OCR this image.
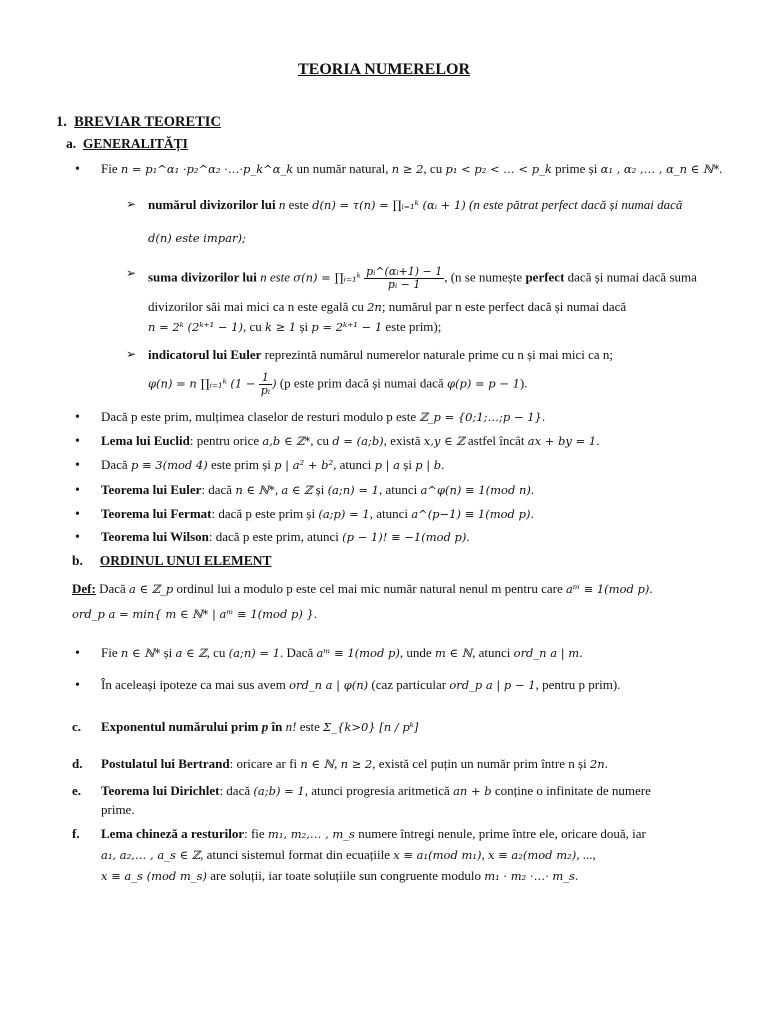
TEORIA NUMERELOR
1. BREVIAR TEORETIC
a. GENERALITĂȚI
• Fie n = p₁^α₁ ·p₂^α₂ ·…·p_k^α_k un număr natural, n ≥ 2, cu p₁ < p₂ < … < p_k prime și α₁ , α₂ ,… , α_n ∈ ℕ*.
➢ numărul divizorilor lui n este d(n) = τ(n) = ∏ᵢ₌₁ᵏ (αᵢ + 1) (n este pătrat perfect dacă și numai dacă
d(n) este impar);
➢ suma divizorilor lui n este σ(n) = ∏ᵢ₌₁ᵏ $\frac{\text{pᵢ\textasciicircum{}(αᵢ+1) − 1}}{\text{pᵢ − 1}}$ , (n se numește perfect dacă și numai dacă suma
divizorilor săi mai mici ca n este egală cu 2n; numărul par n este perfect dacă și numai dacă
n = 2ᵏ (2ᵏ⁺¹ − 1), cu k ≥ 1 și p = 2ᵏ⁺¹ − 1 este prim);
➢ indicatorul lui Euler reprezintă numărul numerelor naturale prime cu n și mai mici ca n;
φ(n) = n ∏ᵢ₌₁ᵏ ($1 - \frac{1}{\text{pᵢ}}$ ) (p este prim dacă și numai dacă φ(p) = p − 1).
• Dacă p este prim, mulțimea claselor de resturi modulo p este ℤ_p = {0;1;…;p − 1}.
• Lema lui Euclid: pentru orice a,b ∈ ℤ*, cu d = (a;b), există x,y ∈ ℤ astfel încât ax + by = 1.
• Dacă p ≡ 3(mod 4) este prim și p | a² + b², atunci p | a și p | b.
• Teorema lui Euler: dacă n ∈ ℕ*, a ∈ ℤ și (a;n) = 1, atunci a^φ(n) ≡ 1(mod n).
• Teorema lui Fermat: dacă p este prim și (a;p) = 1, atunci a^(p−1) ≡ 1(mod p).
• Teorema lui Wilson: dacă p este prim, atunci (p − 1)! ≡ −1(mod p).
b. ORDINUL UNUI ELEMENT
Def: Dacă a ∈ ℤ_p ordinul lui a modulo p este cel mai mic număr natural nenul m pentru care aᵐ ≡ 1(mod p).
ord_p a = min{ m ∈ ℕ* | aᵐ ≡ 1(mod p) }.
• Fie n ∈ ℕ* și a ∈ ℤ, cu (a;n) = 1. Dacă aᵐ ≡ 1(mod p), unde m ∈ ℕ, atunci ord_n a | m.
• În aceleași ipoteze ca mai sus avem ord_n a | φ(n) (caz particular ord_p a | p − 1, pentru p prim).
c. Exponentul numărului prim p în n! este Σ_{k>0} [n / pᵏ]
d. Postulatul lui Bertrand: oricare ar fi n ∈ ℕ, n ≥ 2, există cel puțin un număr prim între n și 2n.
e. Teorema lui Dirichlet: dacă (a;b) = 1, atunci progresia aritmetică an + b conține o infinitate de numere
prime.
f. Lema chineză a resturilor: fie m₁, m₂,… , m_s numere întregi nenule, prime între ele, oricare două, iar
a₁, a₂,… , a_s ∈ ℤ, atunci sistemul format din ecuațiile x ≡ a₁(mod m₁), x ≡ a₂(mod m₂), ...,
x ≡ a_s (mod m_s) are soluții, iar toate soluțiile sun congruente modulo m₁ · m₂ ·…· m_s.
